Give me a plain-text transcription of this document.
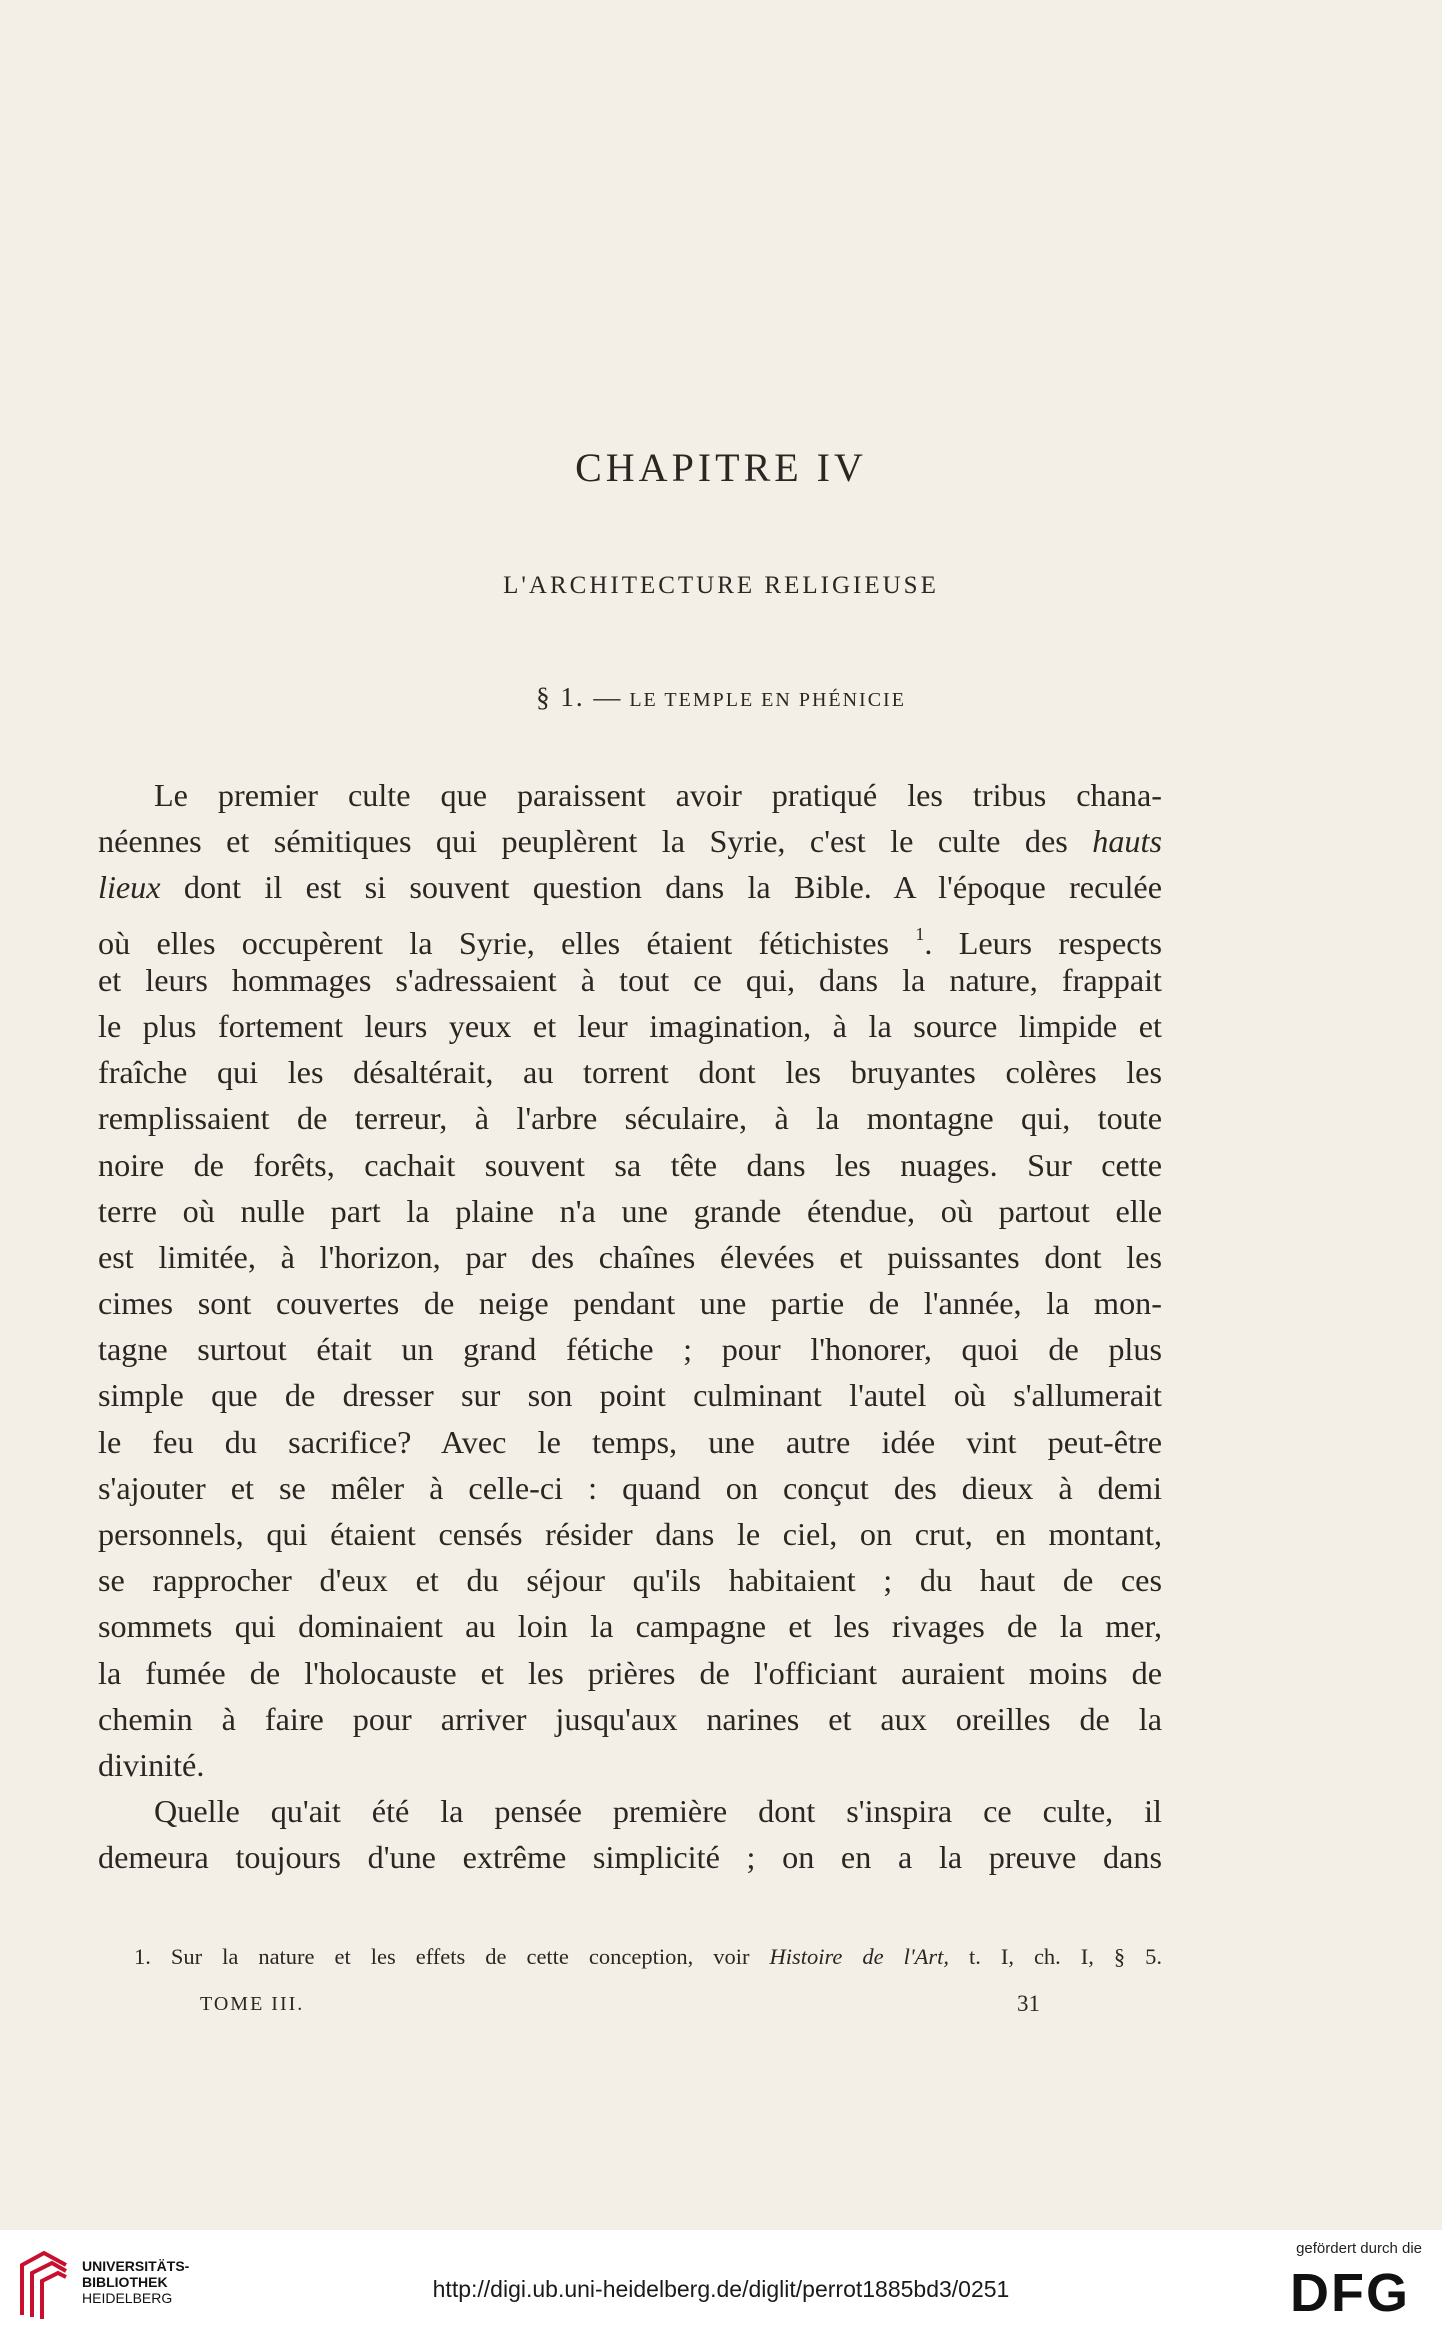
CHAPITRE IV
L'ARCHITECTURE RELIGIEUSE
§ 1. — LE TEMPLE EN PHÉNICIE
Le premier culte que paraissent avoir pratiqué les tribus chana-
néennes et sémitiques qui peuplèrent la Syrie, c'est le culte des hauts
lieux dont il est si souvent question dans la Bible. A l'époque reculée
où elles occupèrent la Syrie, elles étaient fétichistes $^1$. Leurs respects
et leurs hommages s'adressaient à tout ce qui, dans la nature, frappait
le plus fortement leurs yeux et leur imagination, à la source limpide et
fraîche qui les désaltérait, au torrent dont les bruyantes colères les
remplissaient de terreur, à l'arbre séculaire, à la montagne qui, toute
noire de forêts, cachait souvent sa tête dans les nuages. Sur cette
terre où nulle part la plaine n'a une grande étendue, où partout elle
est limitée, à l'horizon, par des chaînes élevées et puissantes dont les
cimes sont couvertes de neige pendant une partie de l'année, la mon-
tagne surtout était un grand fétiche ; pour l'honorer, quoi de plus
simple que de dresser sur son point culminant l'autel où s'allumerait
le feu du sacrifice? Avec le temps, une autre idée vint peut-être
s'ajouter et se mêler à celle-ci : quand on conçut des dieux à demi
personnels, qui étaient censés résider dans le ciel, on crut, en montant,
se rapprocher d'eux et du séjour qu'ils habitaient ; du haut de ces
sommets qui dominaient au loin la campagne et les rivages de la mer,
la fumée de l'holocauste et les prières de l'officiant auraient moins de
chemin à faire pour arriver jusqu'aux narines et aux oreilles de la
divinité.
Quelle qu'ait été la pensée première dont s'inspira ce culte, il
demeura toujours d'une extrême simplicité ; on en a la preuve dans
1. Sur la nature et les effets de cette conception, voir Histoire de l'Art, t. I, ch. I, § 5.
TOME III.	31
UNIVERSITÄTS-
BIBLIOTHEK
HEIDELBERG	http://digi.ub.uni-heidelberg.de/diglit/perrot1885bd3/0251
gefördert durch die
DFG
